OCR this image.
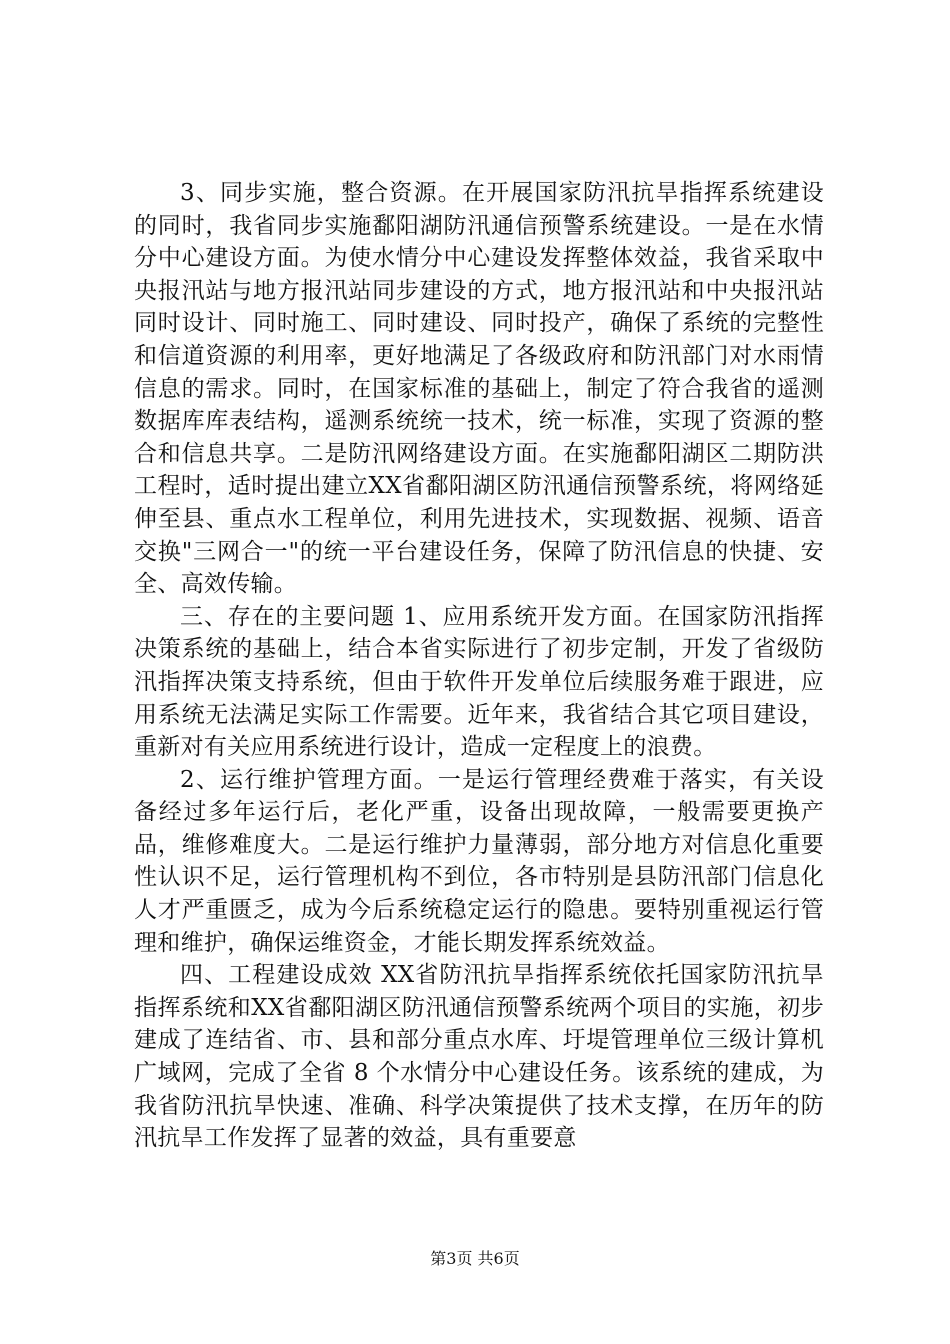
3、同步实施，整合资源。在开展国家防汛抗旱指挥系统建设的同时，我省同步实施鄱阳湖防汛通信预警系统建设。一是在水情分中心建设方面。为使水情分中心建设发挥整体效益，我省采取中央报汛站与地方报汛站同步建设的方式，地方报汛站和中央报汛站同时设计、同时施工、同时建设、同时投产，确保了系统的完整性和信道资源的利用率，更好地满足了各级政府和防汛部门对水雨情信息的需求。同时，在国家标准的基础上，制定了符合我省的遥测数据库库表结构，遥测系统统一技术，统一标准，实现了资源的整合和信息共享。二是防汛网络建设方面。在实施鄱阳湖区二期防洪工程时，适时提出建立XX省鄱阳湖区防汛通信预警系统，将网络延伸至县、重点水工程单位，利用先进技术，实现数据、视频、语音交换"三网合一"的统一平台建设任务，保障了防汛信息的快捷、安全、高效传输。

三、存在的主要问题 1、应用系统开发方面。在国家防汛指挥决策系统的基础上，结合本省实际进行了初步定制，开发了省级防汛指挥决策支持系统，但由于软件开发单位后续服务难于跟进，应用系统无法满足实际工作需要。近年来，我省结合其它项目建设，重新对有关应用系统进行设计，造成一定程度上的浪费。

2、运行维护管理方面。一是运行管理经费难于落实，有关设备经过多年运行后，老化严重，设备出现故障，一般需要更换产品，维修难度大。二是运行维护力量薄弱，部分地方对信息化重要性认识不足，运行管理机构不到位，各市特别是县防汛部门信息化人才严重匮乏，成为今后系统稳定运行的隐患。要特别重视运行管理和维护，确保运维资金，才能长期发挥系统效益。

四、工程建设成效 XX省防汛抗旱指挥系统依托国家防汛抗旱指挥系统和XX省鄱阳湖区防汛通信预警系统两个项目的实施，初步建成了连结省、市、县和部分重点水库、圩堤管理单位三级计算机广域网，完成了全省 8 个水情分中心建设任务。该系统的建成，为我省防汛抗旱快速、准确、科学决策提供了技术支撑，在历年的防汛抗旱工作发挥了显著的效益，具有重要意

第3页 共6页
